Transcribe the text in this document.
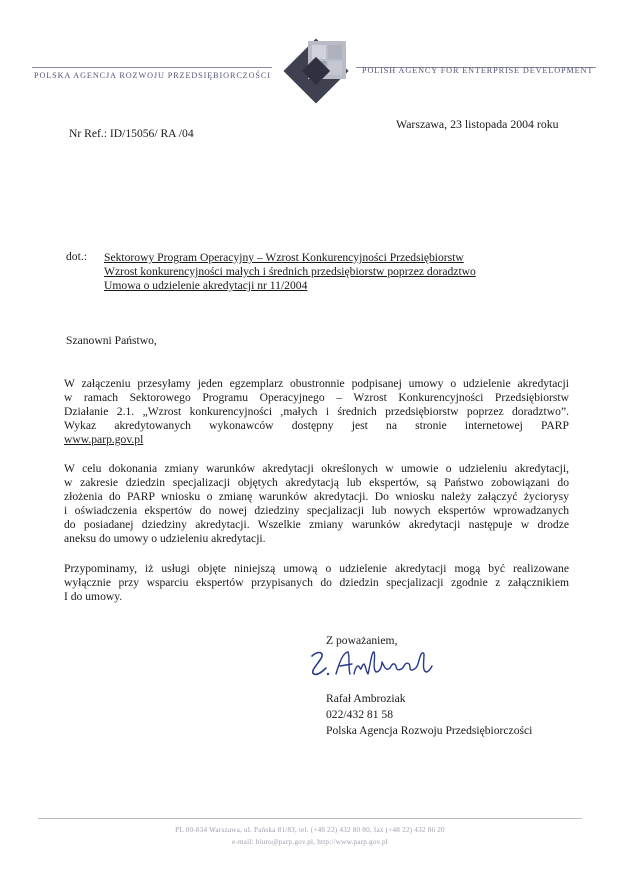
POLSKA AGENCJA ROZWOJU PRZEDSIĘBIORCZOŚCI
POLISH AGENCY FOR ENTERPRISE DEVELOPMENT
Warszawa, 23 listopada 2004 roku
Nr Ref.: ID/15056/ RA /04
dot.: Sektorowy Program Operacyjny – Wzrost Konkurencyjności Przedsiębiorstw
Wzrost konkurencyjności małych i średnich przedsiębiorstw poprzez doradztwo
Umowa o udzielenie akredytacji nr 11/2004
Szanowni Państwo,
W załączeniu przesyłamy jeden egzemplarz obustronnie podpisanej umowy o udzielenie akredytacji
w ramach Sektorowego Programu Operacyjnego – Wzrost Konkurencyjności Przedsiębiorstw
Działanie 2.1. „Wzrost konkurencyjności ,małych i średnich przedsiębiorstw poprzez doradztwo”.
Wykaz akredytowanych wykonawców dostępny jest na stronie internetowej PARP
www.parp.gov.pl
W celu dokonania zmiany warunków akredytacji określonych w umowie o udzieleniu akredytacji,
w zakresie dziedzin specjalizacji objętych akredytacją lub ekspertów, są Państwo zobowiązani do
złożenia do PARP wniosku o zmianę warunków akredytacji. Do wniosku należy załączyć życiorysy
i oświadczenia ekspertów do nowej dziedziny specjalizacji lub nowych ekspertów wprowadzanych
do posiadanej dziedziny akredytacji. Wszelkie zmiany warunków akredytacji następuje w drodze
aneksu do umowy o udzieleniu akredytacji.
Przypominamy, iż usługi objęte niniejszą umową o udzielenie akredytacji mogą być realizowane
wyłącznie przy wsparciu ekspertów przypisanych do dziedzin specjalizacji zgodnie z załącznikiem
I do umowy.
Z poważaniem,
Rafał Ambroziak
022/432 81 58
Polska Agencja Rozwoju Przedsiębiorczości
PL 00-834 Warszawa, ul. Pańska 81/83, tel. (+48 22) 432 80 80, fax (+48 22) 432 86 20
e-mail: biuro@parp.gov.pl, http://www.parp.gov.pl
